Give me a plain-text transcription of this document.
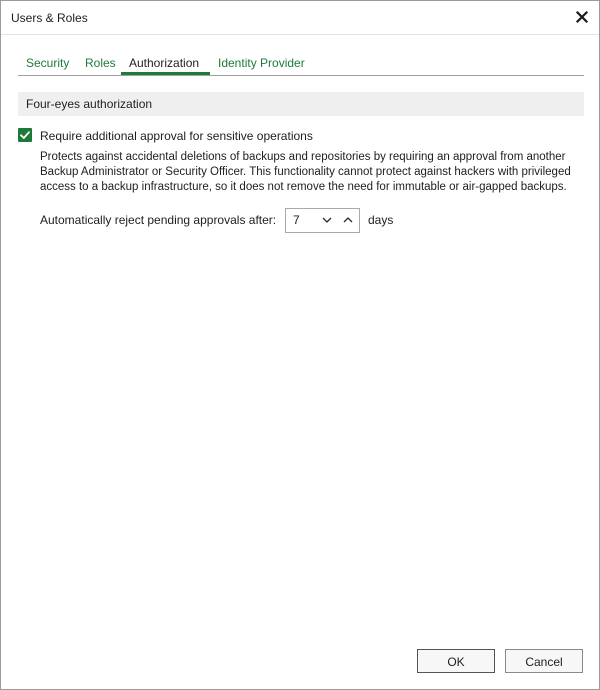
Users & Roles
Security Roles Authorization Identity Provider
Four-eyes authorization
Require additional approval for sensitive operations
Protects against accidental deletions of backups and repositories by requiring an approval from another Backup Administrator or Security Officer. This functionality cannot protect against hackers with privileged access to a backup infrastructure, so it does not remove the need for immutable or air-gapped backups.
Automatically reject pending approvals after: 7	days
OK	Cancel
